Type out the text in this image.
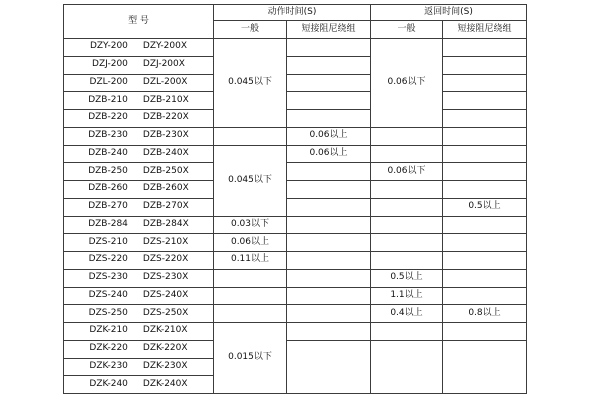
型 号	动作时间(S)		返回时间(S)	
	一般	短接阻尼绕组	一般	短接阻尼绕组

DZY-200 DZY-200X	0.045以下		0.06以下	

DZJ-200 DZJ-200X				

DZL-200 DZL-200X				

DZB-210 DZB-210X				

DZB-220 DZB-220X				

DZB-230 DZB-230X		0.06以上		

DZB-240 DZB-240X	0.045以下	0.06以上		

DZB-250 DZB-250X			0.06以下	

DZB-260 DZB-260X				

DZB-270 DZB-270X				0.5以上

DZB-284 DZB-284X	0.03以下			

DZS-210 DZS-210X	0.06以上			

DZS-220 DZS-220X	0.11以上			

DZS-230 DZS-230X			0.5以上	

DZS-240 DZS-240X			1.1以上	

DZS-250 DZS-250X			0.4以上	0.8以上

DZK-210 DZK-210X	0.015以下			

DZK-220 DZK-220X				

DZK-230 DZK-230X				

DZK-240 DZK-240X				
